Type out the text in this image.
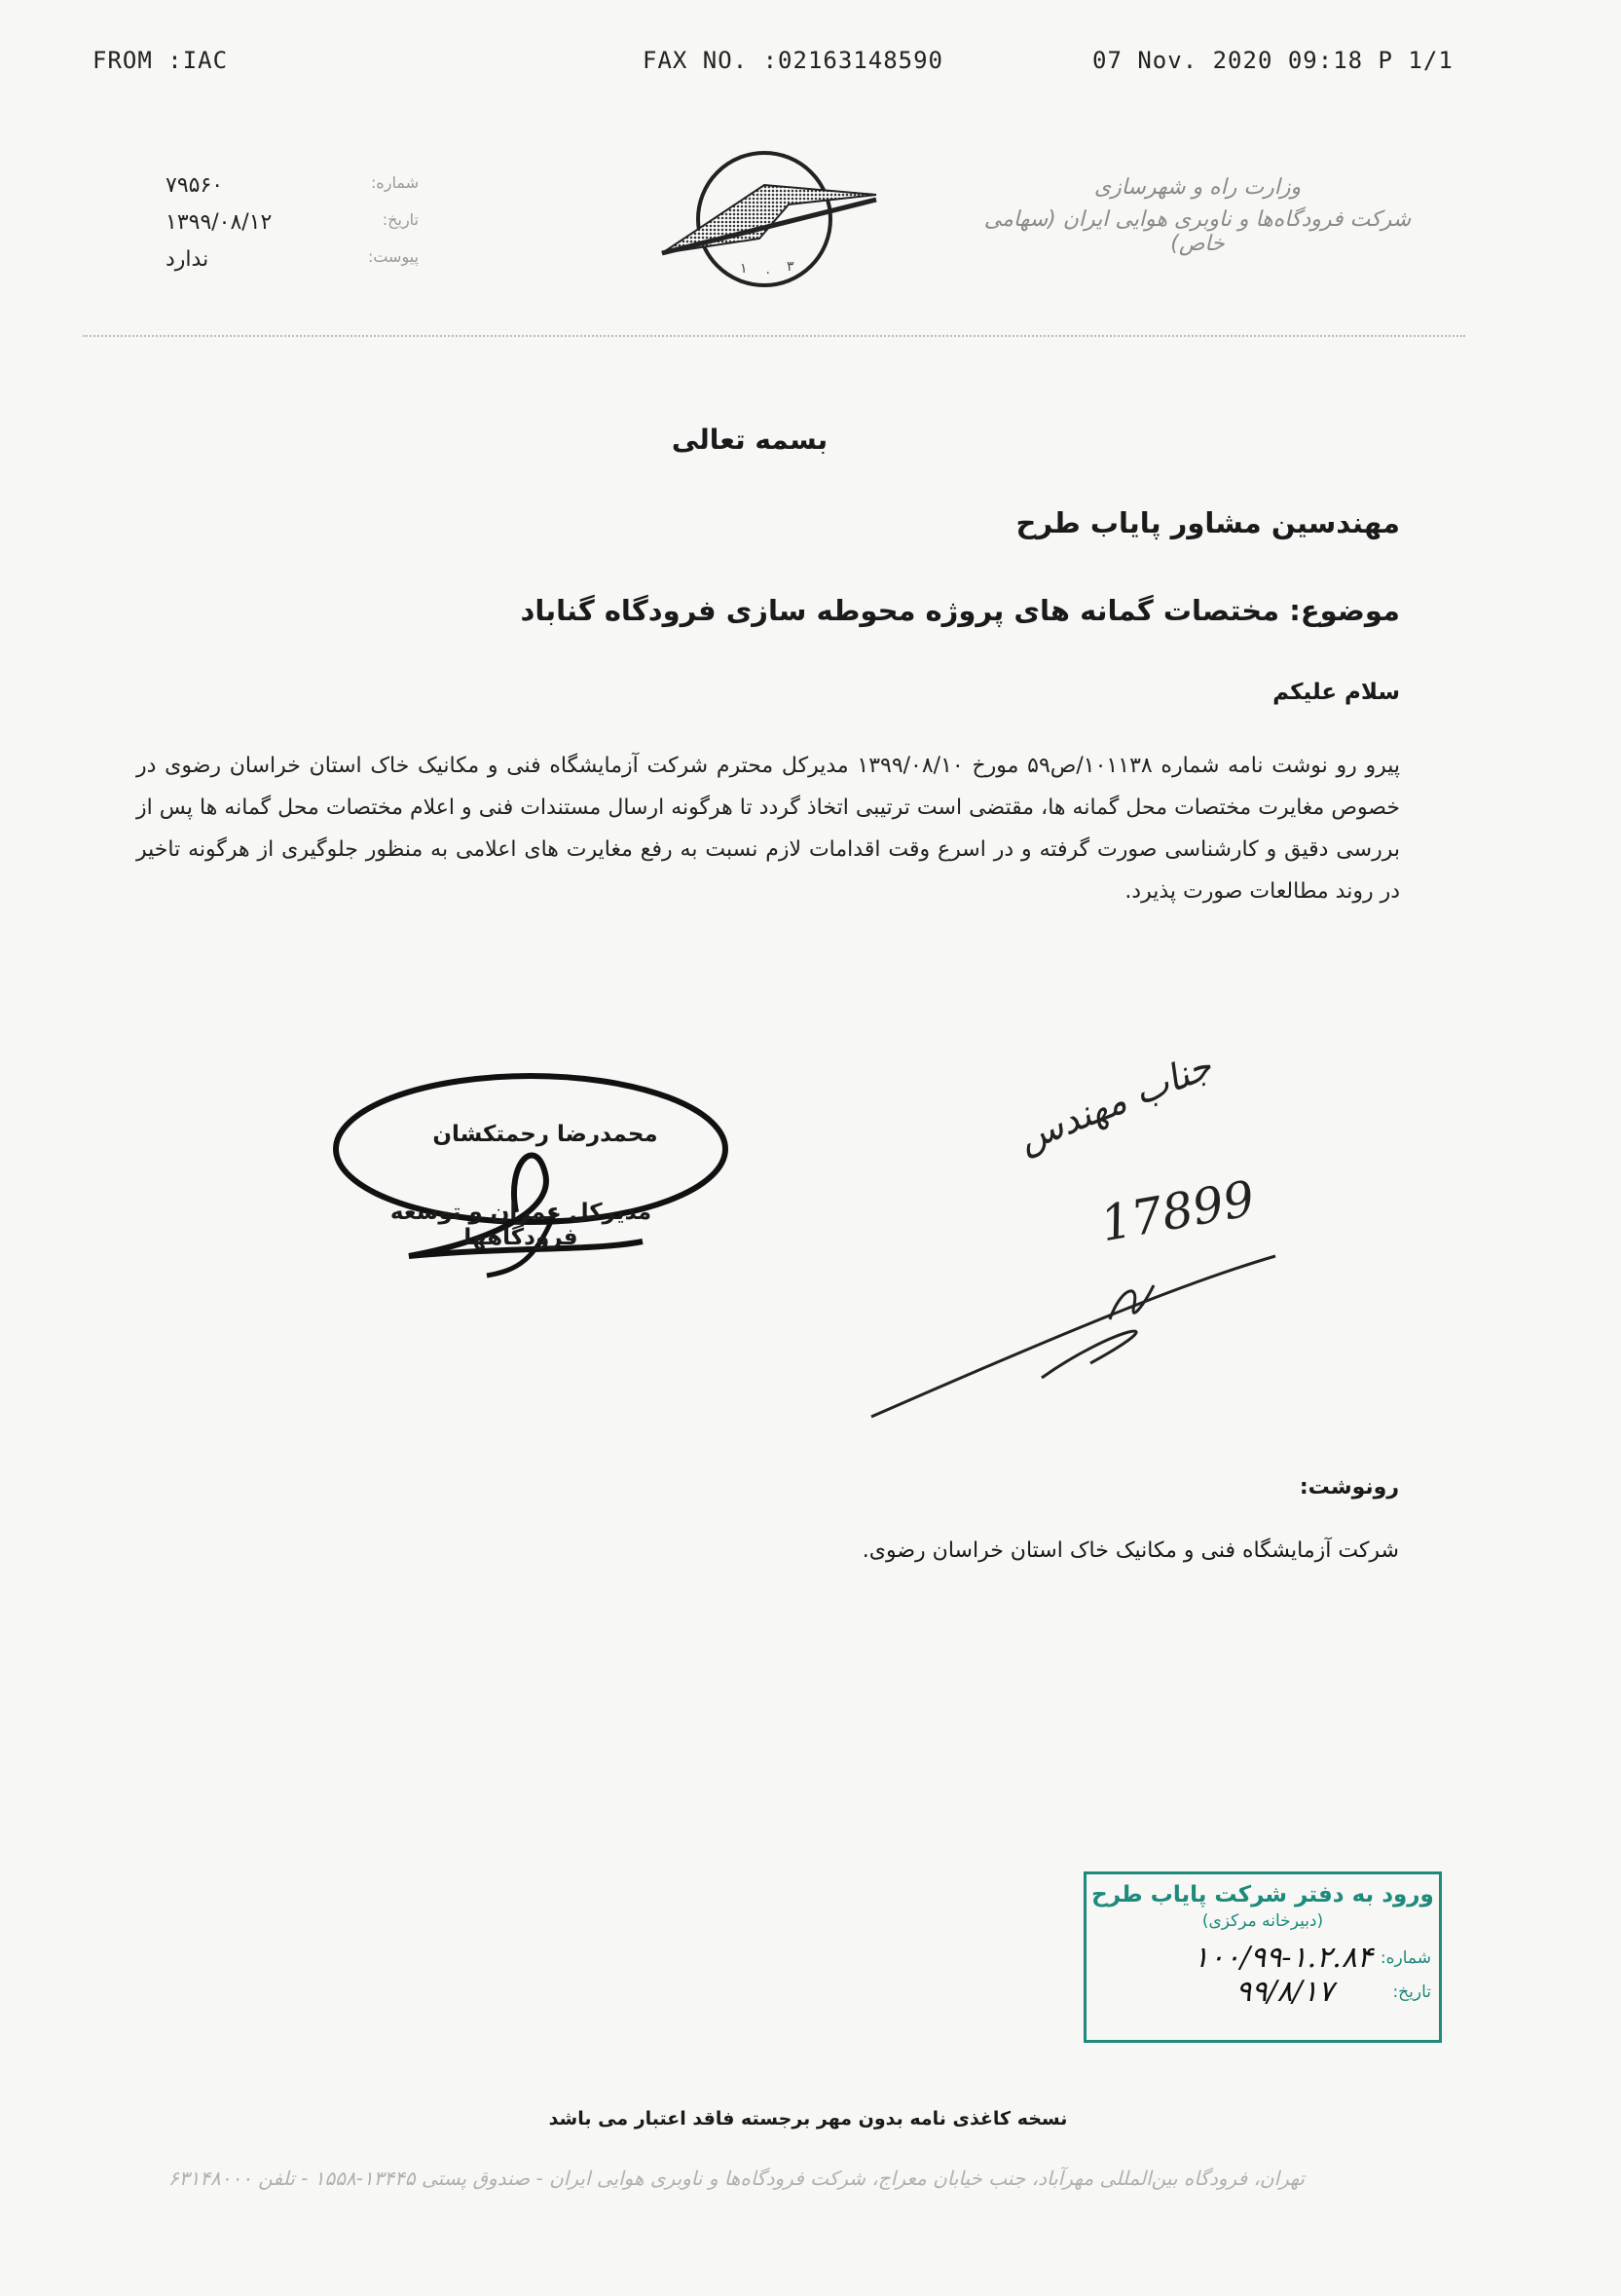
FROM :IAC	FAX NO. :02163148590	07 Nov. 2020 09:18 P 1/1
شماره:
۷۹۵۶۰
تاریخ:
۱۳۹۹/۰۸/۱۲
پیوست:
ندارد	۱ ۰ ۳
وزارت راه و شهرسازی
شرکت فرودگاه‌ها و ناوبری هوایی ایران (سهامی خاص)
بسمه تعالی
مهندسین مشاور پایاب طرح
موضوع: مختصات گمانه های پروژه محوطه سازی فرودگاه گناباد
سلام علیکم
پیرو رو نوشت نامه شماره ۱۰۱۱۳۸/ص۵۹ مورخ ۱۳۹۹/۰۸/۱۰ مدیرکل محترم شرکت آزمایشگاه فنی و مکانیک خاک استان خراسان رضوی در خصوص مغایرت مختصات محل گمانه ها، مقتضی است ترتیبی اتخاذ گردد تا هرگونه ارسال مستندات فنی و اعلام مختصات محل گمانه ها پس از بررسی دقیق و کارشناسی صورت گرفته و در اسرع وقت اقدامات لازم نسبت به رفع مغایرت های اعلامی به منظور جلوگیری از هرگونه تاخیر در روند مطالعات صورت پذیرد.
محمدرضا رحمتکشان
مدیرکل عمران و توسعه فرودگاهها
جناب مهندس
17899
رونوشت:
شرکت آزمایشگاه فنی و مکانیک خاک استان خراسان رضوی.
ورود به دفتر شرکت پایاب طرح
(دبیرخانه مرکزی)
شماره:
۱۰۰/۹۹-۱.۲.۸۴
تاریخ:
۹۹/۸/۱۷
نسخه کاغذی نامه بدون مهر برجسته فاقد اعتبار می باشد
تهران، فرودگاه بین‌المللی مهرآباد، جنب خیابان معراج، شرکت فرودگاه‌ها و ناوبری هوایی ایران - صندوق پستی ۱۳۴۴۵-۱۵۵۸ - تلفن ۶۳۱۴۸۰۰۰
